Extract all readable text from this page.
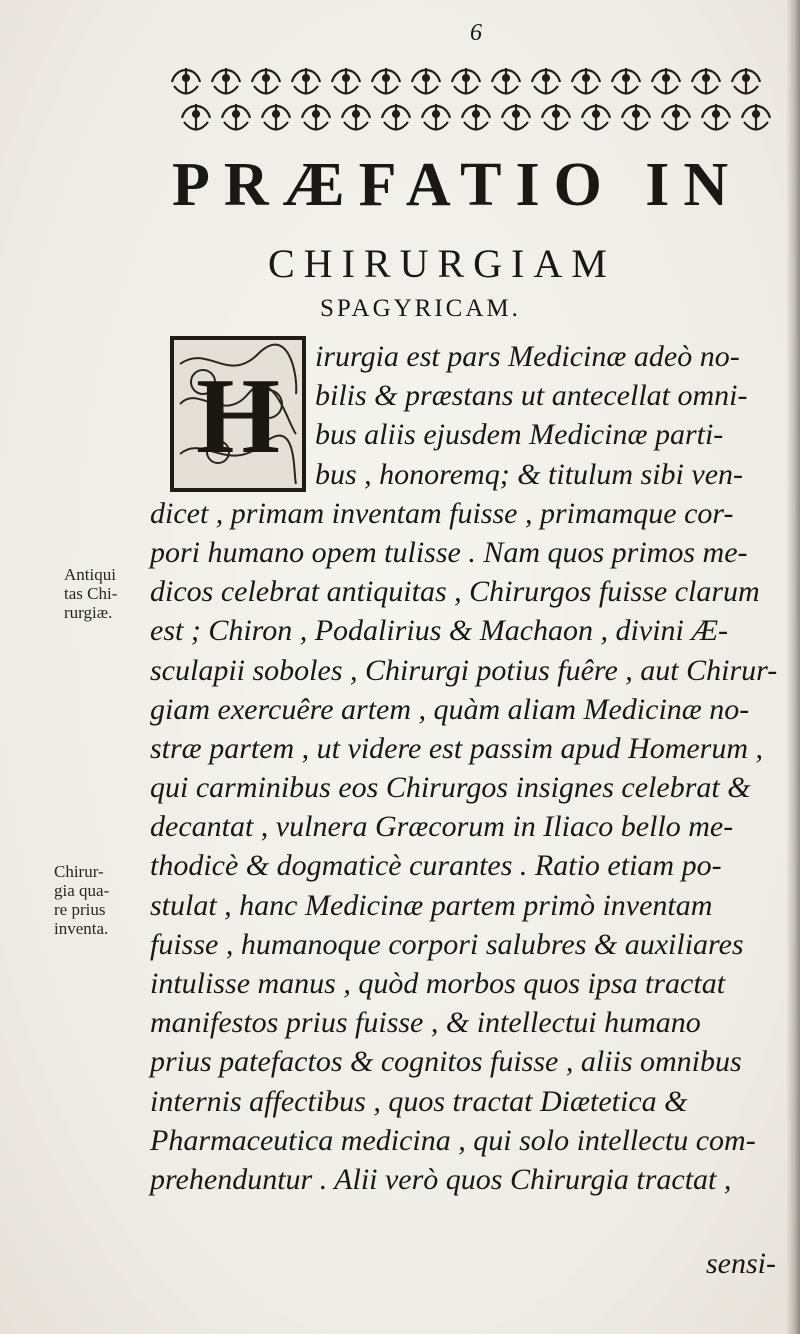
6
PRÆFATIO IN
CHIRURGIAM
SPAGYRICAM.
H
irurgia est pars Medicinæ adeò no-
bilis & præstans ut antecellat omni-
bus aliis ejusdem Medicinæ parti-
bus , honoremq; & titulum sibi ven-
dicet , primam inventam fuisse , primamque cor-
pori humano opem tulisse . Nam quos primos me-
dicos celebrat antiquitas , Chirurgos fuisse clarum
est ; Chiron , Podalirius & Machaon , divini Æ-
sculapii soboles , Chirurgi potius fuêre , aut Chirur-
giam exercuêre artem , quàm aliam Medicinæ no-
stræ partem , ut videre est passim apud Homerum ,
qui carminibus eos Chirurgos insignes celebrat &
decantat , vulnera Græcorum in Iliaco bello me-
thodicè & dogmaticè curantes . Ratio etiam po-
stulat , hanc Medicinæ partem primò inventam
fuisse , humanoque corpori salubres & auxiliares
intulisse manus , quòd morbos quos ipsa tractat
manifestos prius fuisse , & intellectui humano
prius patefactos & cognitos fuisse , aliis omnibus
internis affectibus , quos tractat Diætetica &
Pharmaceutica medicina , qui solo intellectu com-
prehenduntur . Alii verò quos Chirurgia tractat ,
Antiqui
tas Chi-
rurgiæ.
Chirur-
gia qua-
re prius
inventa.
sensi-
